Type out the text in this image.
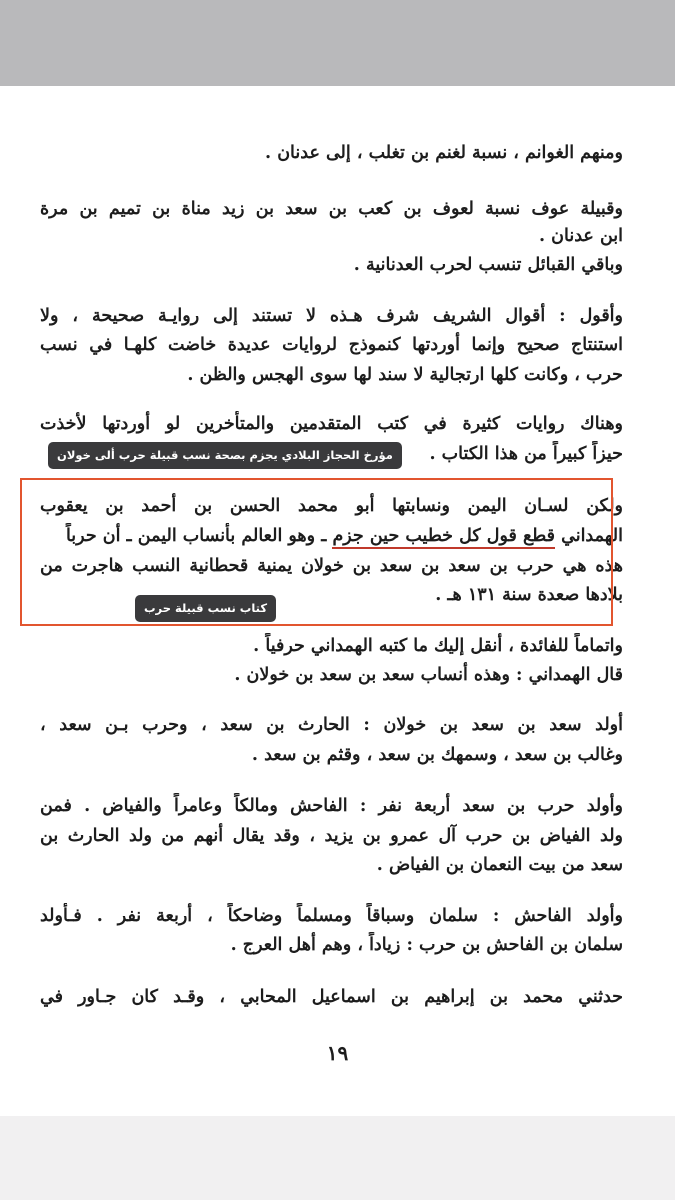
ومنهم الغوانم ، نسبة لغنم بن تغلب ، إلى عدنان .
وقبيلة عوف نسبة لعوف بن كعب بن سعد بن زيد مناة بن تميم بن مرة
ابن عدنان .
وباقي القبائل تنسب لحرب العدنانية .
وأقول : أقوال الشريف شرف هـذه لا تستند إلى روايـة صحيحة ، ولا
استنتاج صحيح وإنما أوردتها كنموذج لروايات عديدة خاضت كلهـا في نسب
حرب ، وكانت كلها ارتجالية لا سند لها سوى الهجس والظن .
وهناك روايات كثيرة في كتب المتقدمين والمتأخرين لو أوردتها لأخذت
حيزاً كبيراً من هذا الكتاب .
ولكن لسـان اليمن ونسابتها أبو محمد الحسن بن أحمد بن يعقوب
الهمداني قطع قول كل خطيب حين جزم ـ وهو العالم بأنساب اليمن ـ أن حرباً
هذه هي حرب بن سعد بن سعد بن خولان يمنية قحطانية النسب هاجرت من
بلادها صعدة سنة ١٣١ هـ .
واتماماً للفائدة ، أنقل إليك ما كتبه الهمداني حرفياً .
قال الهمداني : وهذه أنساب سعد بن سعد بن خولان .
أولد سعد بن سعد بن خولان : الحارث بن سعد ، وحرب بـن سعد ،
وغالب بن سعد ، وسمهك بن سعد ، وقثم بن سعد .
وأولد حرب بن سعد أربعة نفر : الفاحش ومالكاً وعامراً والفياض . فمن
ولد الفياض بن حرب آل عمرو بن يزيد ، وقد يقال أنهم من ولد الحارث بن
سعد من بيت النعمان بن الفياض .
وأولد الفاحش : سلمان وسباقاً ومسلماً وضاحكاً ، أربعة نفر . فـأولد
سلمان بن الفاحش بن حرب : زياداً ، وهم أهل العرج .
حدثني محمد بن إبراهيم بن اسماعيل المحابي ، وقـد كان جـاور في
١٩
مؤرخ الحجاز البلادي يجزم بصحة نسب قبيلة حرب ألى خولان
كتاب نسب قبيلة حرب
